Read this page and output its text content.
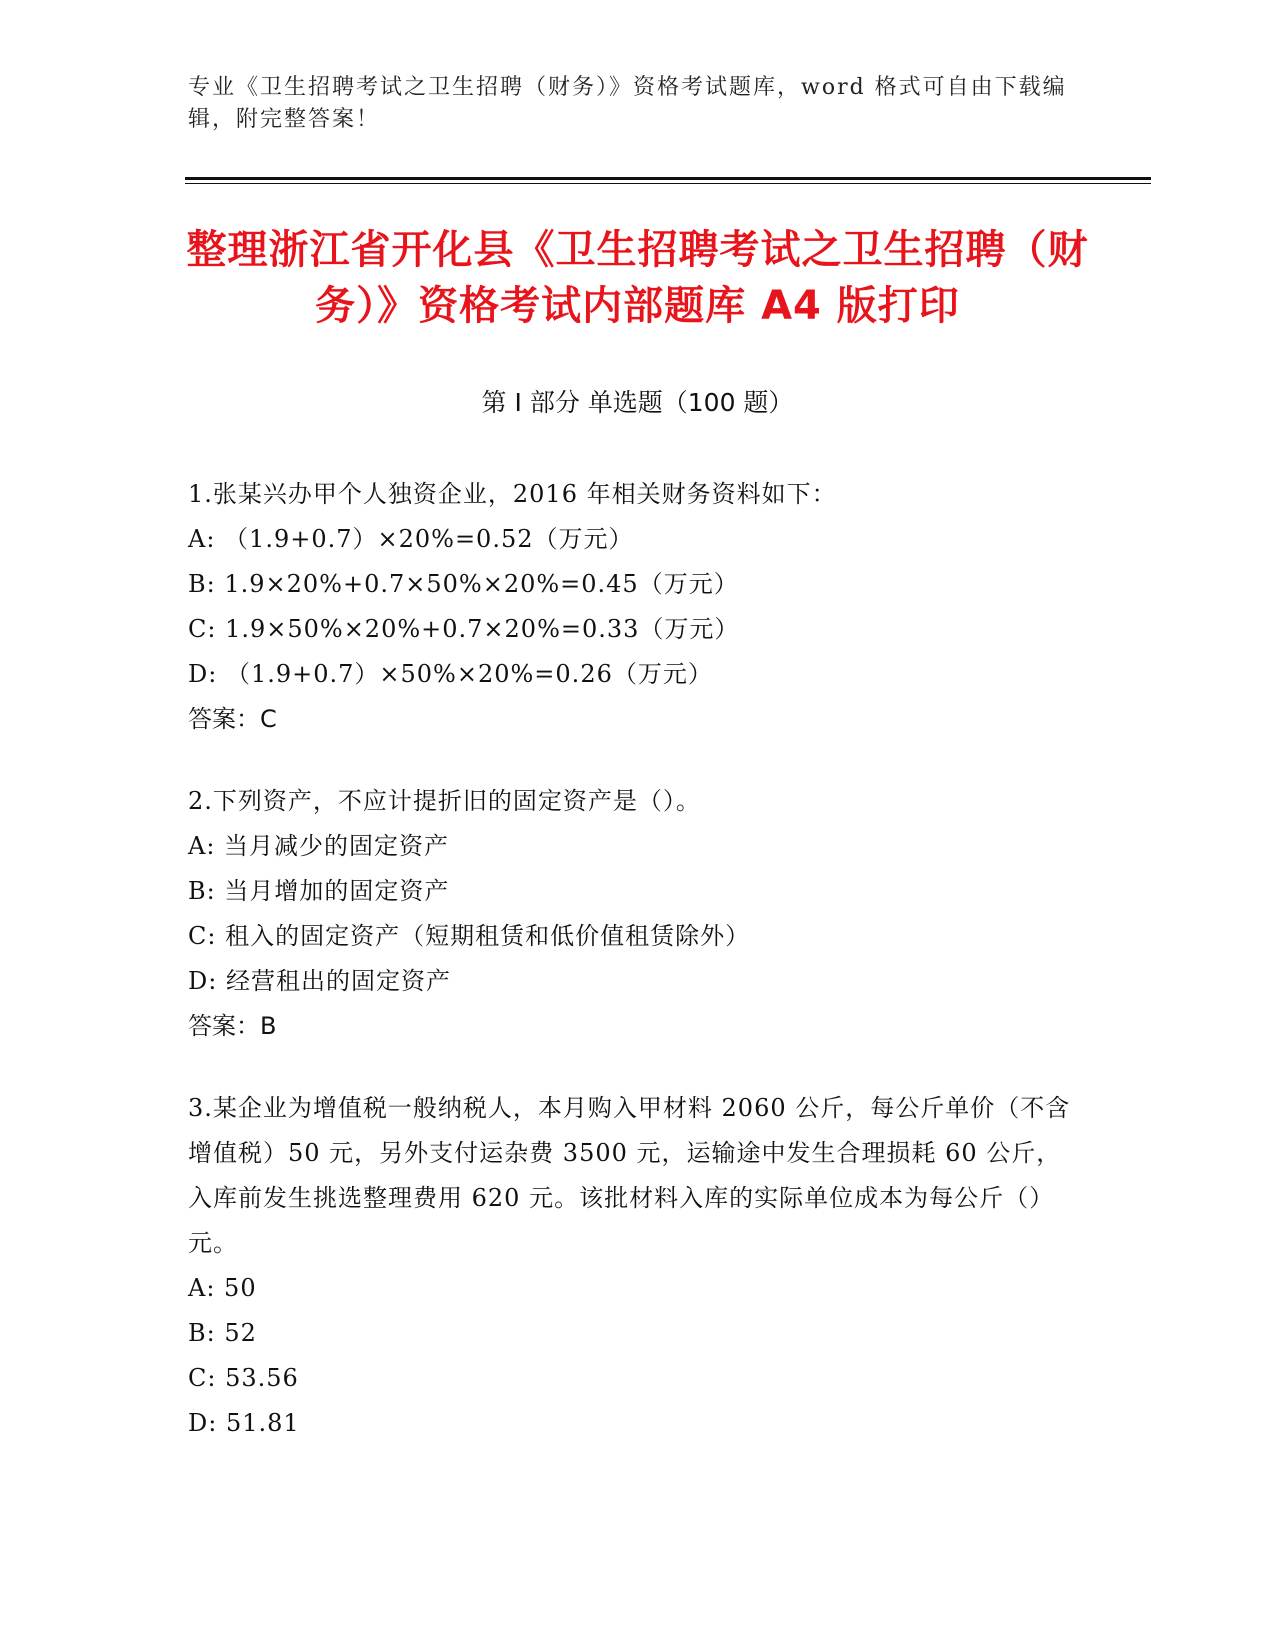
专业《卫生招聘考试之卫生招聘（财务）》资格考试题库，word 格式可自由下载编辑，附完整答案！
整理浙江省开化县《卫生招聘考试之卫生招聘（财务）》资格考试内部题库 A4 版打印
第 I 部分 单选题（100 题）
1.张某兴办甲个人独资企业，2016 年相关财务资料如下：
A: （1.9+0.7）×20%=0.52（万元）
B: 1.9×20%+0.7×50%×20%=0.45（万元）
C: 1.9×50%×20%+0.7×20%=0.33（万元）
D: （1.9+0.7）×50%×20%=0.26（万元）
答案：C
2.下列资产，不应计提折旧的固定资产是（）。
A: 当月减少的固定资产
B: 当月增加的固定资产
C: 租入的固定资产（短期租赁和低价值租赁除外）
D: 经营租出的固定资产
答案：B
3.某企业为增值税一般纳税人，本月购入甲材料 2060 公斤，每公斤单价（不含增值税）50 元，另外支付运杂费 3500 元，运输途中发生合理损耗 60 公斤，入库前发生挑选整理费用 620 元。该批材料入库的实际单位成本为每公斤（）元。
A: 50
B: 52
C: 53.56
D: 51.81
